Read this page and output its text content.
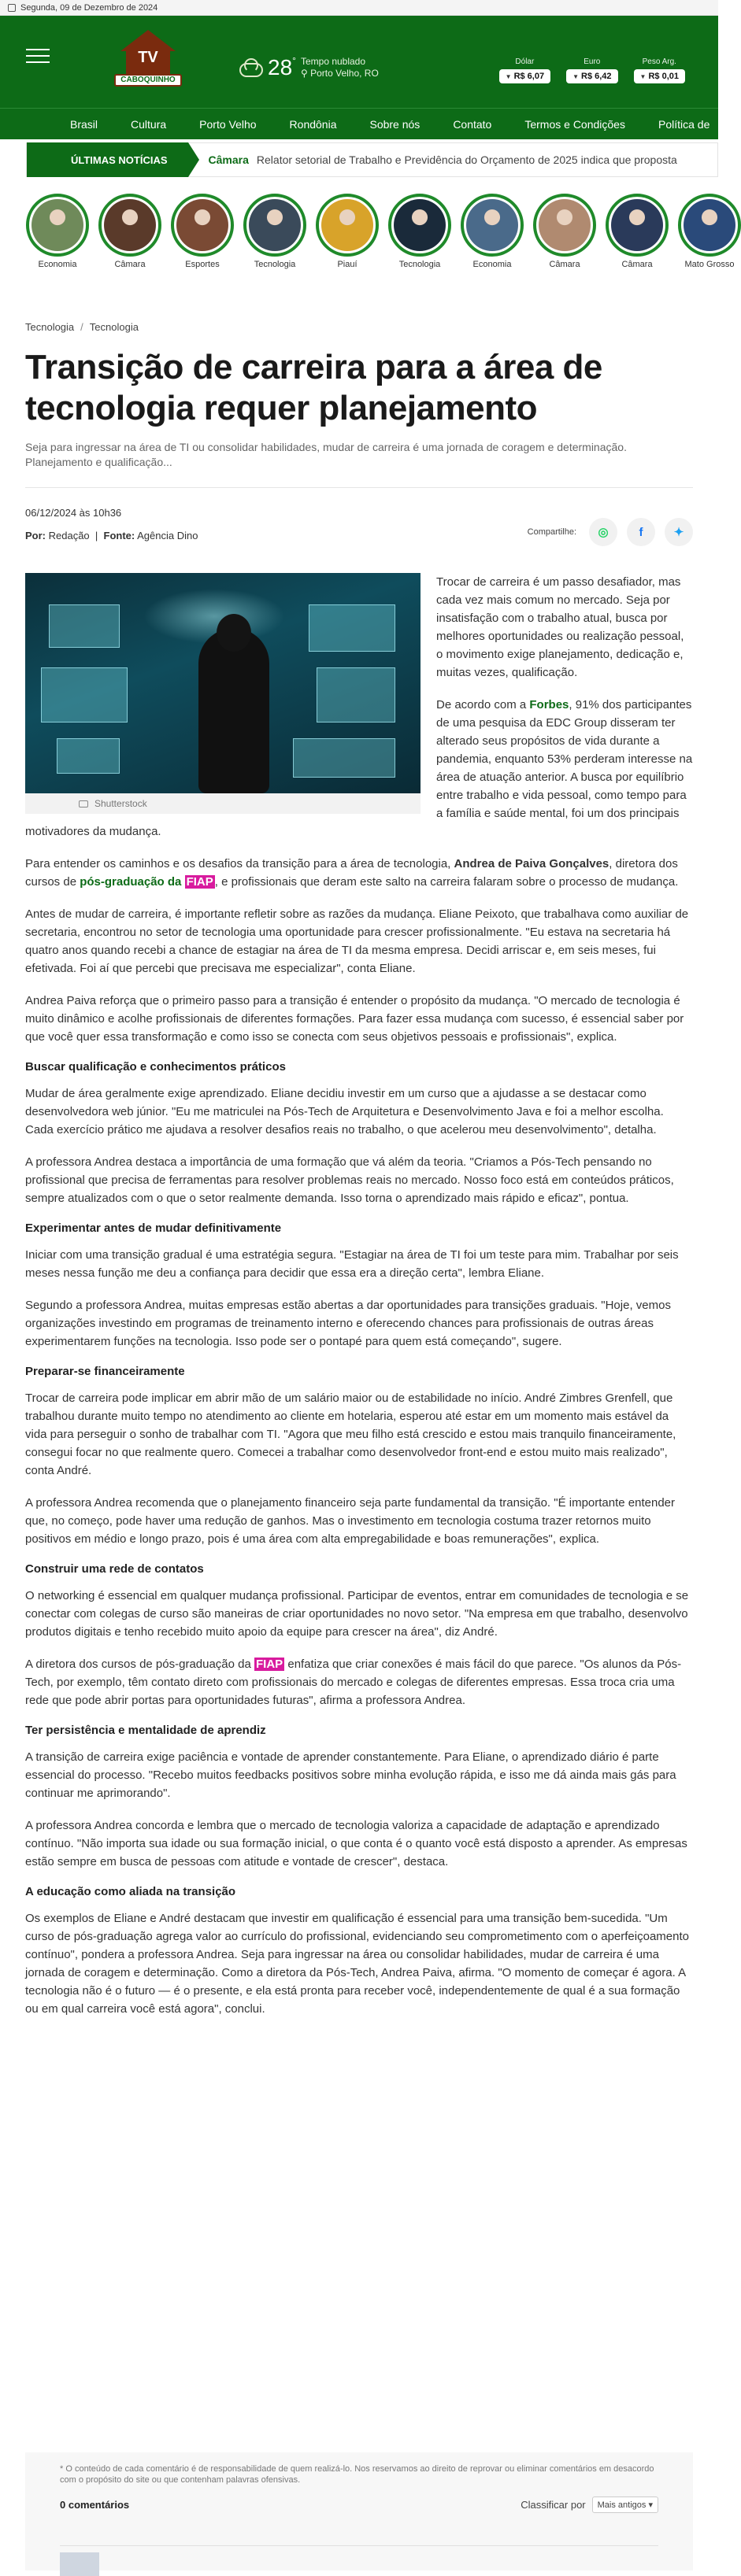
Segunda, 09 de Dezembro de 2024
TV
CABOQUINHO
28° Tempo nublado
⚲ Porto Velho, RO
Dólar
▼ R$ 6,07
Euro
▼ R$ 6,42
Peso Arg.
▼ R$ 0,01
Brasil	Cultura	Porto Velho	Rondônia	Sobre nós	Contato	Termos e Condições	Política de
ÚLTIMAS NOTÍCIAS	Câmara Relator setorial de Trabalho e Previdência do Orçamento de 2025 indica que proposta
Economia	Câmara	Esportes	Tecnologia	Piauí	Tecnologia	Economia	Câmara	Câmara	Mato Grosso
Tecnologia / Tecnologia
Transição de carreira para a área de tecnologia requer planejamento
Seja para ingressar na área de TI ou consolidar habilidades, mudar de carreira é uma jornada de coragem e determinação. Planejamento e qualificação...
06/12/2024 às 10h36
Por: Redação  |  Fonte: Agência Dino	Compartilhe: ◎	f	✦
Shutterstock

Trocar de carreira é um passo desafiador, mas cada vez mais comum no mercado. Seja por insatisfação com o trabalho atual, busca por melhores oportunidades ou realização pessoal, o movimento exige planejamento, dedicação e, muitas vezes, qualificação.

De acordo com a Forbes, 91% dos participantes de uma pesquisa da EDC Group disseram ter alterado seus propósitos de vida durante a pandemia, enquanto 53% perderam interesse na área de atuação anterior. A busca por equilíbrio entre trabalho e vida pessoal, como tempo para a família e saúde mental, foi um dos principais motivadores da mudança.

Para entender os caminhos e os desafios da transição para a área de tecnologia, Andrea de Paiva Gonçalves, diretora dos cursos de pós-graduação da FIAP , e profissionais que deram este salto na carreira falaram sobre o processo de mudança.

Antes de mudar de carreira, é importante refletir sobre as razões da mudança. Eliane Peixoto, que trabalhava como auxiliar de secretaria, encontrou no setor de tecnologia uma oportunidade para crescer profissionalmente. "Eu estava na secretaria há quatro anos quando recebi a chance de estagiar na área de TI da mesma empresa. Decidi arriscar e, em seis meses, fui efetivada. Foi aí que percebi que precisava me especializar", conta Eliane.

Andrea Paiva reforça que o primeiro passo para a transição é entender o propósito da mudança. "O mercado de tecnologia é muito dinâmico e acolhe profissionais de diferentes formações. Para fazer essa mudança com sucesso, é essencial saber por que você quer essa transformação e como isso se conecta com seus objetivos pessoais e profissionais", explica.

Buscar qualificação e conhecimentos práticos

Mudar de área geralmente exige aprendizado. Eliane decidiu investir em um curso que a ajudasse a se destacar como desenvolvedora web júnior. "Eu me matriculei na Pós-Tech de Arquitetura e Desenvolvimento Java e foi a melhor escolha. Cada exercício prático me ajudava a resolver desafios reais no trabalho, o que acelerou meu desenvolvimento", detalha.

A professora Andrea destaca a importância de uma formação que vá além da teoria. "Criamos a Pós-Tech pensando no profissional que precisa de ferramentas para resolver problemas reais no mercado. Nosso foco está em conteúdos práticos, sempre atualizados com o que o setor realmente demanda. Isso torna o aprendizado mais rápido e eficaz", pontua.

Experimentar antes de mudar definitivamente

Iniciar com uma transição gradual é uma estratégia segura. "Estagiar na área de TI foi um teste para mim. Trabalhar por seis meses nessa função me deu a confiança para decidir que essa era a direção certa", lembra Eliane.

Segundo a professora Andrea, muitas empresas estão abertas a dar oportunidades para transições graduais. "Hoje, vemos organizações investindo em programas de treinamento interno e oferecendo chances para profissionais de outras áreas experimentarem funções na tecnologia. Isso pode ser o pontapé para quem está começando", sugere.

Preparar-se financeiramente

Trocar de carreira pode implicar em abrir mão de um salário maior ou de estabilidade no início. André Zimbres Grenfell, que trabalhou durante muito tempo no atendimento ao cliente em hotelaria, esperou até estar em um momento mais estável da vida para perseguir o sonho de trabalhar com TI. "Agora que meu filho está crescido e estou mais tranquilo financeiramente, consegui focar no que realmente quero. Comecei a trabalhar como desenvolvedor front-end e estou muito mais realizado", conta André.

A professora Andrea recomenda que o planejamento financeiro seja parte fundamental da transição. "É importante entender que, no começo, pode haver uma redução de ganhos. Mas o investimento em tecnologia costuma trazer retornos muito positivos em médio e longo prazo, pois é uma área com alta empregabilidade e boas remunerações", explica.

Construir uma rede de contatos

O networking é essencial em qualquer mudança profissional. Participar de eventos, entrar em comunidades de tecnologia e se conectar com colegas de curso são maneiras de criar oportunidades no novo setor. "Na empresa em que trabalho, desenvolvo produtos digitais e tenho recebido muito apoio da equipe para crescer na área", diz André.

A diretora dos cursos de pós-graduação da FIAP enfatiza que criar conexões é mais fácil do que parece. "Os alunos da Pós-Tech, por exemplo, têm contato direto com profissionais do mercado e colegas de diferentes empresas. Essa troca cria uma rede que pode abrir portas para oportunidades futuras", afirma a professora Andrea.

Ter persistência e mentalidade de aprendiz

A transição de carreira exige paciência e vontade de aprender constantemente. Para Eliane, o aprendizado diário é parte essencial do processo. "Recebo muitos feedbacks positivos sobre minha evolução rápida, e isso me dá ainda mais gás para continuar me aprimorando".

A professora Andrea concorda e lembra que o mercado de tecnologia valoriza a capacidade de adaptação e aprendizado contínuo. "Não importa sua idade ou sua formação inicial, o que conta é o quanto você está disposto a aprender. As empresas estão sempre em busca de pessoas com atitude e vontade de crescer", destaca.

A educação como aliada na transição

Os exemplos de Eliane e André destacam que investir em qualificação é essencial para uma transição bem-sucedida. "Um curso de pós-graduação agrega valor ao currículo do profissional, evidenciando seu comprometimento com o aperfeiçoamento contínuo", pondera a professora Andrea. Seja para ingressar na área ou consolidar habilidades, mudar de carreira é uma jornada de coragem e determinação. Como a diretora da Pós-Tech, Andrea Paiva, afirma. "O momento de começar é agora. A tecnologia não é o futuro — é o presente, e ela está pronta para receber você, independentemente de qual é a sua formação ou em qual carreira você está agora", conclui.

* O conteúdo de cada comentário é de responsabilidade de quem realizá-lo. Nos reservamos ao direito de reprovar ou eliminar comentários em desacordo com o propósito do site ou que contenham palavras ofensivas.
0 comentários	Classificar por	Mais antigos ▾
